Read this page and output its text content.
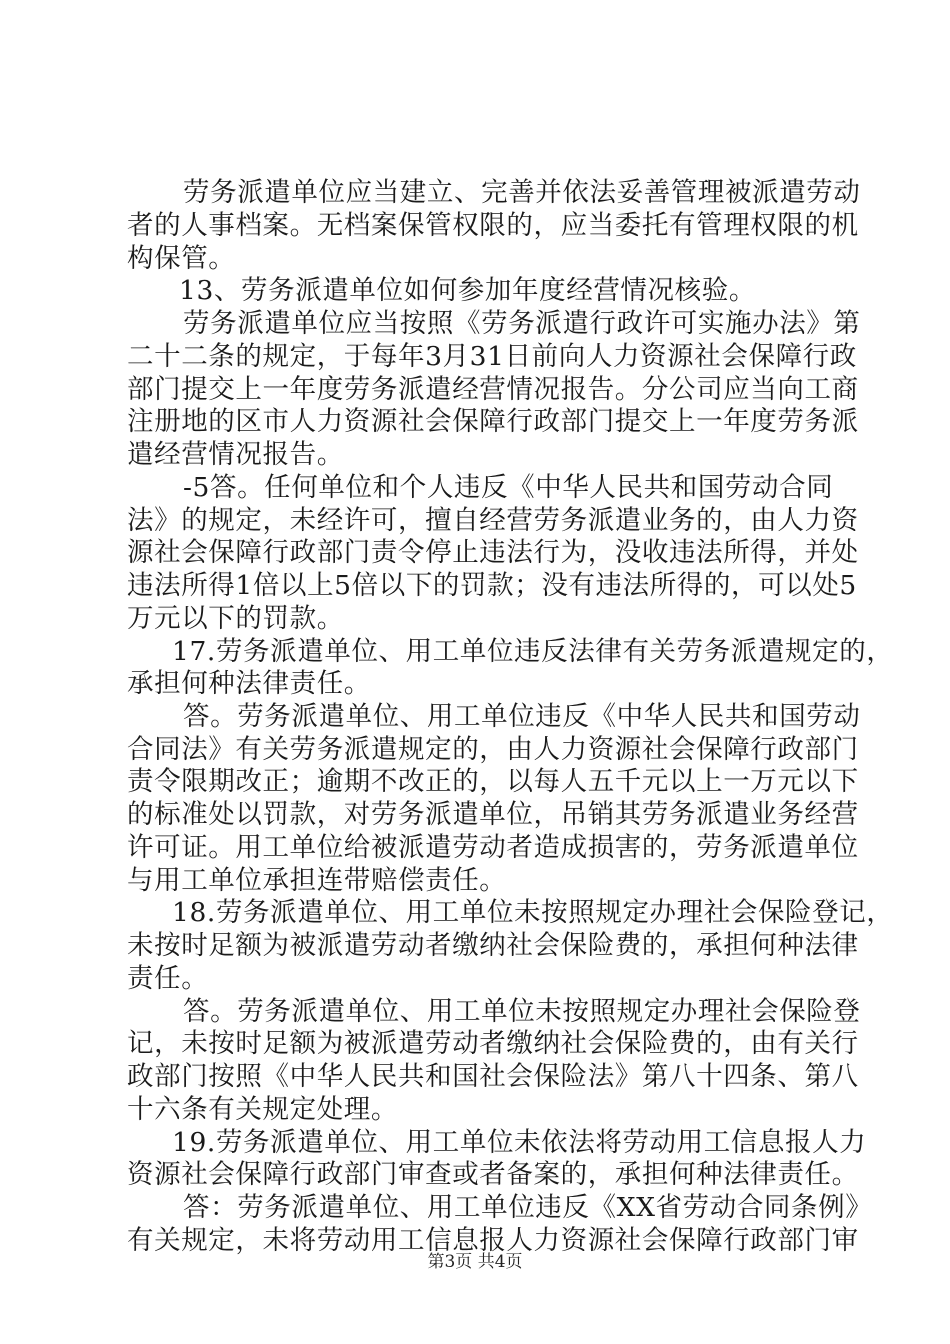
劳务派遣单位应当建立、完善并依法妥善管理被派遣劳动
者的人事档案。无档案保管权限的，应当委托有管理权限的机
构保管。
13、劳务派遣单位如何参加年度经营情况核验。
劳务派遣单位应当按照《劳务派遣行政许可实施办法》第
二十二条的规定，于每年3月31日前向人力资源社会保障行政
部门提交上一年度劳务派遣经营情况报告。分公司应当向工商
注册地的区市人力资源社会保障行政部门提交上一年度劳务派
遣经营情况报告。
-5答。任何单位和个人违反《中华人民共和国劳动合同
法》的规定，未经许可，擅自经营劳务派遣业务的，由人力资
源社会保障行政部门责令停止违法行为，没收违法所得，并处
违法所得1倍以上5倍以下的罚款；没有违法所得的，可以处5
万元以下的罚款。
17.劳务派遣单位、用工单位违反法律有关劳务派遣规定的，
承担何种法律责任。
答。劳务派遣单位、用工单位违反《中华人民共和国劳动
合同法》有关劳务派遣规定的，由人力资源社会保障行政部门
责令限期改正；逾期不改正的，以每人五千元以上一万元以下
的标准处以罚款，对劳务派遣单位，吊销其劳务派遣业务经营
许可证。用工单位给被派遣劳动者造成损害的，劳务派遣单位
与用工单位承担连带赔偿责任。
18.劳务派遣单位、用工单位未按照规定办理社会保险登记，
未按时足额为被派遣劳动者缴纳社会保险费的，承担何种法律
责任。
答。劳务派遣单位、用工单位未按照规定办理社会保险登
记，未按时足额为被派遣劳动者缴纳社会保险费的，由有关行
政部门按照《中华人民共和国社会保险法》第八十四条、第八
十六条有关规定处理。
19.劳务派遣单位、用工单位未依法将劳动用工信息报人力
资源社会保障行政部门审查或者备案的，承担何种法律责任。
答：劳务派遣单位、用工单位违反《XX省劳动合同条例》
有关规定，未将劳动用工信息报人力资源社会保障行政部门审
第3页 共4页
